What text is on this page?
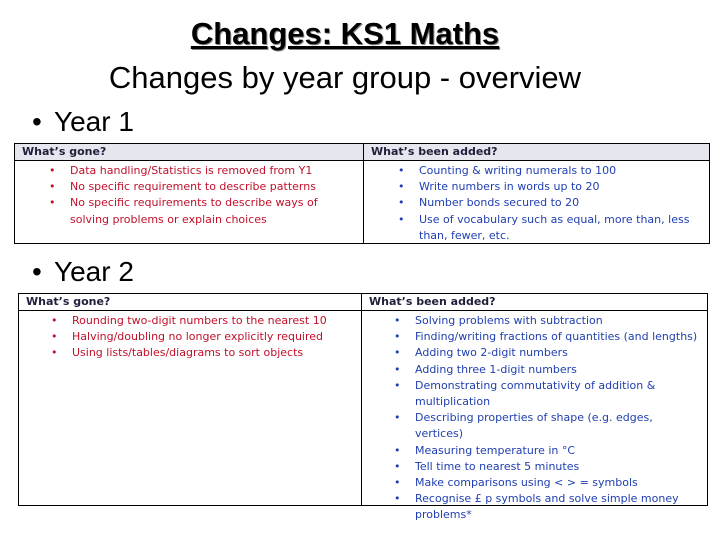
Changes: KS1 Maths
Changes by year group - overview
• Year 1
What’s gone?
• Data handling/Statistics is removed from Y1
• No specific requirement to describe patterns
• No specific requirements to describe ways of solving problems or explain choices
What’s been added?
• Counting & writing numerals to 100
• Write numbers in words up to 20
• Number bonds secured to 20
• Use of vocabulary such as equal, more than, less than, fewer, etc.
• Year 2
What’s gone?
• Rounding two-digit numbers to the nearest 10
• Halving/doubling no longer explicitly required
• Using lists/tables/diagrams to sort objects
What’s been added?
• Solving problems with subtraction
• Finding/writing fractions of quantities (and lengths)
• Adding two 2-digit numbers
• Adding three 1-digit numbers
• Demonstrating commutativity of addition & multiplication
• Describing properties of shape (e.g. edges, vertices)
• Measuring temperature in °C
• Tell time to nearest 5 minutes
• Make comparisons using < > = symbols
• Recognise £ p symbols and solve simple money problems*
